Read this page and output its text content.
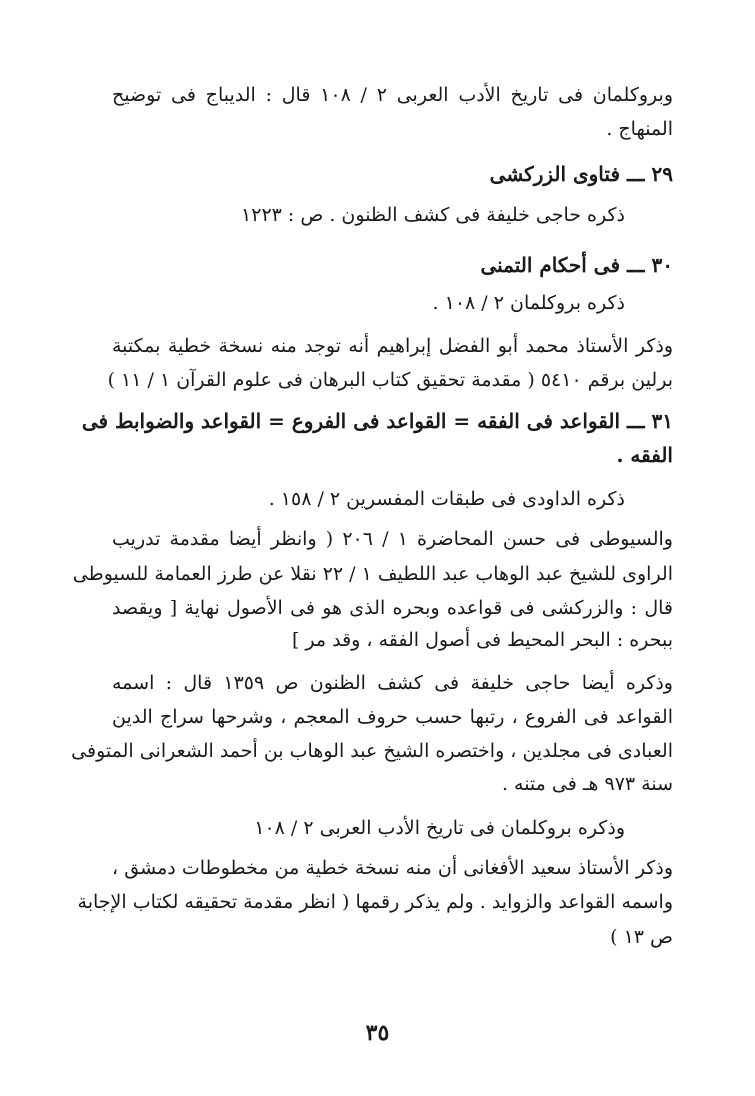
وبروكلمان فى تاريخ الأدب العربى ٢ / ١٠٨ قال : الديباج فى توضيح
المنهاج .
٢٩ ـــ فتاوى الزركشى
ذكره حاجى خليفة فى كشف الظنون . ص : ١٢٢٣
٣٠ ـــ فى أحكام التمنى
ذكره بروكلمان ٢ / ١٠٨ .
وذكر الأستاذ محمد أبو الفضل إبراهيم أنه توجد منه نسخة خطية بمكتبة
برلين برقم ٥٤١٠ ( مقدمة تحقيق كتاب البرهان فى علوم القرآن ١ / ١١ )
٣١ ـــ القواعد فى الفقه = القواعد فى الفروع = القواعد والضوابط فى
الفقه .
ذكره الداودى فى طبقات المفسرين ٢ / ١٥٨ .
والسيوطى فى حسن المحاضرة ١ / ٢٠٦ ( وانظر أيضا مقدمة تدريب
الراوى للشيخ عبد الوهاب عبد اللطيف ١ / ٢٢ نقلا عن طرز العمامة للسيوطى
قال : والزركشى فى قواعده وبحره الذى هو فى الأصول نهاية [ ويقصد
ببحره : البحر المحيط فى أصول الفقه ، وقد مر ]
وذكره أيضا حاجى خليفة فى كشف الظنون ص ١٣٥٩ قال : اسمه
القواعد فى الفروع ، رتبها حسب حروف المعجم ، وشرحها سراج الدين
العبادى فى مجلدين ، واختصره الشيخ عبد الوهاب بن أحمد الشعرانى المتوفى
سنة ٩٧٣ هـ فى متنه .
وذكره بروكلمان فى تاريخ الأدب العربى ٢ / ١٠٨
وذكر الأستاذ سعيد الأفغانى أن منه نسخة خطية من مخطوطات دمشق ،
واسمه القواعد والزوايد . ولم يذكر رقمها ( انظر مقدمة تحقيقه لكتاب الإجابة
ص ١٣ )
٣٥
